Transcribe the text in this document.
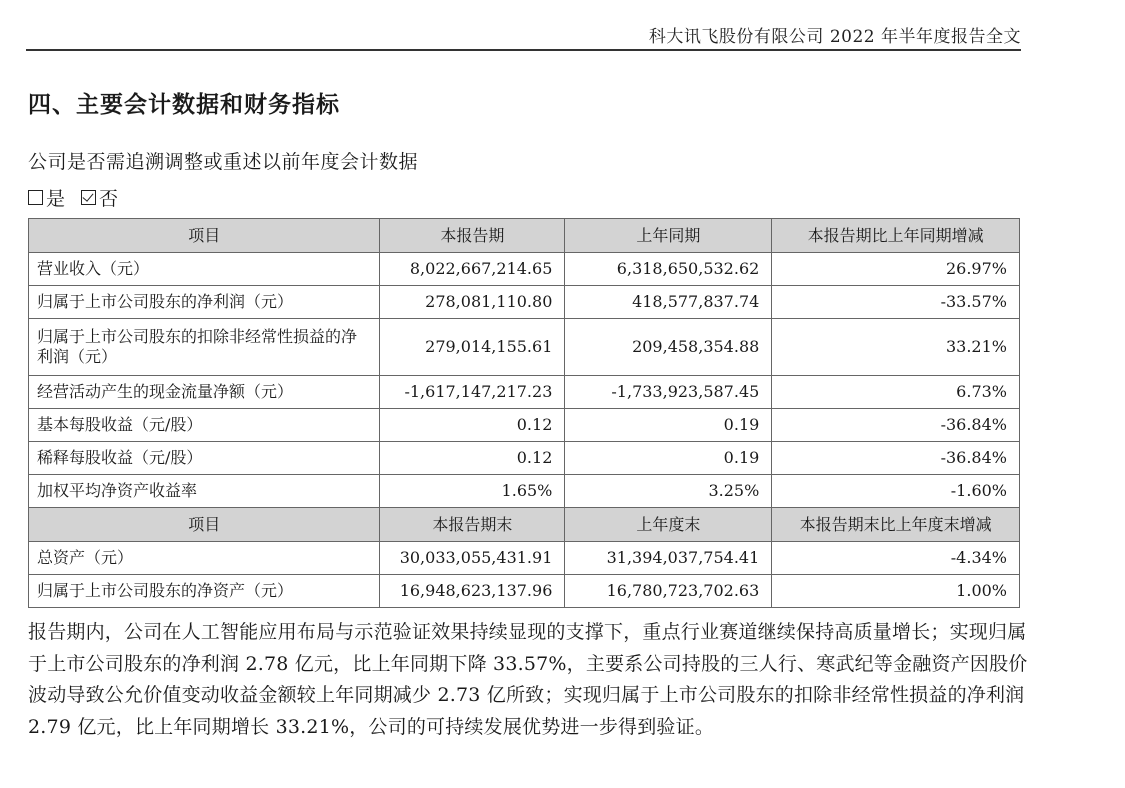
科大讯飞股份有限公司 2022 年半年度报告全文
四、主要会计数据和财务指标
公司是否需追溯调整或重述以前年度会计数据
是 否
项目	本报告期	上年同期	本报告期比上年同期增减
营业收入（元）	8,022,667,214.65	6,318,650,532.62	26.97%
归属于上市公司股东的净利润（元）	278,081,110.80	418,577,837.74	-33.57%
归属于上市公司股东的扣除非经常性损益的净利润（元）	279,014,155.61	209,458,354.88	33.21%
经营活动产生的现金流量净额（元）	-1,617,147,217.23	-1,733,923,587.45	6.73%
基本每股收益（元/股）	0.12	0.19	-36.84%
稀释每股收益（元/股）	0.12	0.19	-36.84%
加权平均净资产收益率	1.65%	3.25%	-1.60%
项目	本报告期末	上年度末	本报告期末比上年度末增减
总资产（元）	30,033,055,431.91	31,394,037,754.41	-4.34%
归属于上市公司股东的净资产（元）	16,948,623,137.96	16,780,723,702.63	1.00%
报告期内，公司在人工智能应用布局与示范验证效果持续显现的支撑下，重点行业赛道继续保持高质量增长；实现归属于上市公司股东的净利润 2.78 亿元，比上年同期下降 33.57%，主要系公司持股的三人行、寒武纪等金融资产因股价波动导致公允价值变动收益金额较上年同期减少 2.73 亿所致；实现归属于上市公司股东的扣除非经常性损益的净利润 2.79 亿元，比上年同期增长 33.21%，公司的可持续发展优势进一步得到验证。
